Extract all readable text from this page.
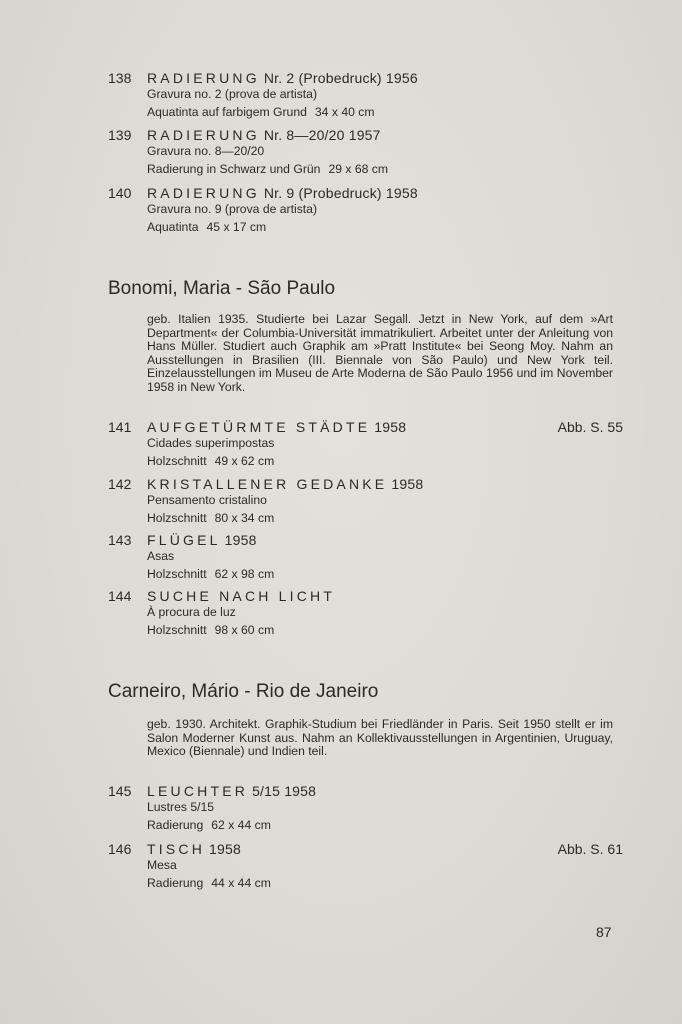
138 RADIERUNG Nr. 2 (Probedruck) 1956
Gravura no. 2 (prova de artista)
Aquatinta auf farbigem Grund 34 x 40 cm
139 RADIERUNG Nr. 8—20/20 1957
Gravura no. 8—20/20
Radierung in Schwarz und Grün 29 x 68 cm
140 RADIERUNG Nr. 9 (Probedruck) 1958
Gravura no. 9 (prova de artista)
Aquatinta 45 x 17 cm
Bonomi, Maria - São Paulo
geb. Italien 1935. Studierte bei Lazar Segall. Jetzt in New York, auf dem »Art Department« der Columbia-Universität immatrikuliert. Arbeitet unter der Anleitung von Hans Müller. Studiert auch Graphik am »Pratt Institute« bei Seong Moy. Nahm an Ausstellungen in Brasilien (III. Biennale von São Paulo) und New York teil. Einzelausstellungen im Museu de Arte Moderna de São Paulo 1956 und im November 1958 in New York.
141 AUFGETÜRMTE STÄDTE 1958
Cidades superimpostas
Holzschnitt 49 x 62 cm
Abb. S. 55
142 KRISTALLENER GEDANKE 1958
Pensamento cristalino
Holzschnitt 80 x 34 cm
143 FLÜGEL 1958
Asas
Holzschnitt 62 x 98 cm
144 SUCHE NACH LICHT
À procura de luz
Holzschnitt 98 x 60 cm
Carneiro, Mário - Rio de Janeiro
geb. 1930. Architekt. Graphik-Studium bei Friedländer in Paris. Seit 1950 stellt er im Salon Moderner Kunst aus. Nahm an Kollektivausstellungen in Argentinien, Uruguay, Mexico (Biennale) und Indien teil.
145 LEUCHTER 5/15 1958
Lustres 5/15
Radierung 62 x 44 cm
146 TISCH 1958
Mesa
Radierung 44 x 44 cm
Abb. S. 61
87
